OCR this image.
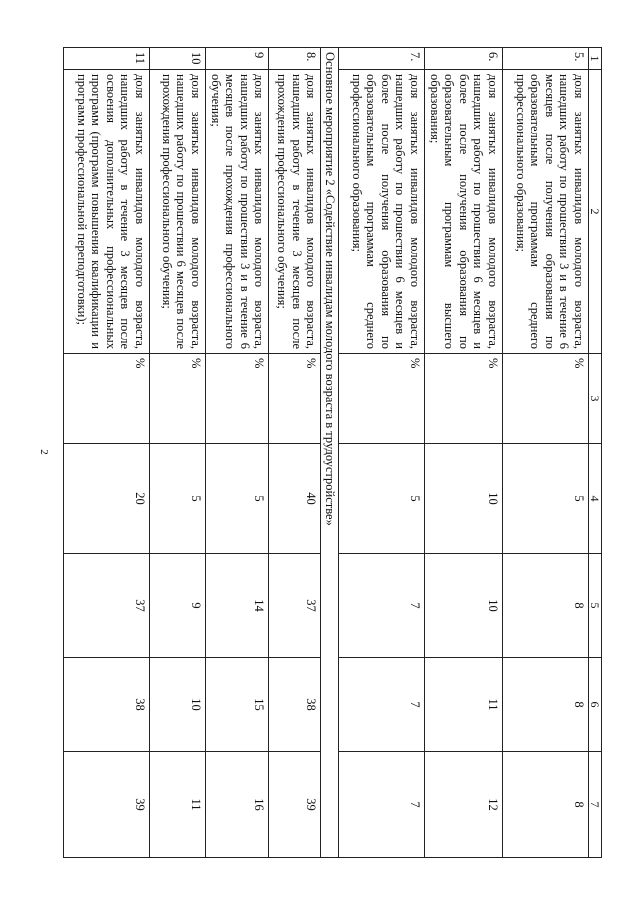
2
1	2	3	4	5	6	7
5.	доля занятых инвалидов молодого возраста, нашедших работу по прошествии 3 и в течение 6 месяцев после получения образования по образовательным программам среднего профессионального образования;	%	5	8	8	8
6.	доля занятых инвалидов молодого возраста, нашедших работу по прошествии 6 месяцев и более после получения образования по образовательным программам высшего образования;	%	10	10	11	12
7.	доля занятых инвалидов молодого возраста, нашедших работу по прошествии 6 месяцев и более после получения образования по образовательным программам среднего профессионального образования;	%	5	7	7	7
Основное мероприятие 2 «Содействие инвалидам молодого возраста в трудоустройстве»						
8.	доля занятых инвалидов молодого возраста, нашедших работу в течение 3 месяцев после прохождения профессионального обучения;	%	40	37	38	39
9	доля занятых инвалидов молодого возраста, нашедших работу по прошествии 3 и в течение 6 месяцев после прохождения профессионального обучения;	%	5	14	15	16
10	доля занятых инвалидов молодого возраста, нашедших работу по прошествии 6 месяцев после прохождения профессионального обучения;	%	5	9	10	11
11	доля занятых инвалидов молодого возраста, нашедших работу в течение 3 месяцев после освоения дополнительных профессиональных программ (программ повышения квалификации и программ профессиональной переподготовки);	%	20	37	38	39
